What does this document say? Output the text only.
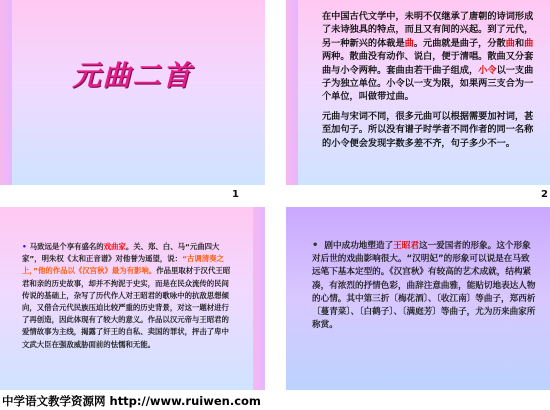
元曲二首
1

在中国古代文学中，未明不仅继承了唐朝的诗词形成了未诗独具的特点，而且又有间的兴起。到了元代，另一种新兴的体裁是曲。元曲就是曲子，分散曲和曲两种。散曲没有动作、说白，便于清唱。散曲又分套曲与小令两种。套曲由若干曲子组成，小令以一支曲子为独立单位。小令以一支为限，如果两三支合为一个单位，叫做带过曲。

元曲与宋词不同，很多元曲可以根据需要加衬词，甚至加句子。所以没有谱子时学者不同作者的同一名称的小令便会发现字数多差不齐，句子多少不一。

2
• 马致远是个享有盛名的戏曲家。关、郑、白、马“元曲四大家”，明朱权《太和正音谱》对他誉为遥望，说：“古调清奏之上，”他的作品以《汉宫秋》最为有影响。作品里取材于汉代王昭君和亲的历史故事，却并不拘泥于史实，而是在民众流传的民间传说的基础上，杂写了历代作人对王昭君的歌咏中的抗敌思想倾向，又借合元代民族压迫比较严重的历史背景，对这一题材进行了再创造，因此体现有了较大的意义。作品以汉元帝与王昭君的爱情故事为主线，揭露了奸王的自私、卖国的罪状，抨击了卑中文武大臣在强敌威胁面前的怯懦和无能。
• 剧中成功地塑造了王昭君这一爱国者的形象。这个形象对后世的戏曲影响很大。“汉明妃”的形象可以说是在马致远笔下基本定型的。《汉宫秋》有较高的艺术成就，结构紧凑，有浓烈的抒情色彩，曲辞注意曲雅，能贴切地表达人物的心情。其中第三折〔梅花酒〕、〔收江南〕等曲子，郑西析〔蔓青菜〕、〔白鹤子〕、〔满庭芳〕等曲子，尤为历来曲家所称赏。
中学语文教学资源网 http://www.ruiwen.com
